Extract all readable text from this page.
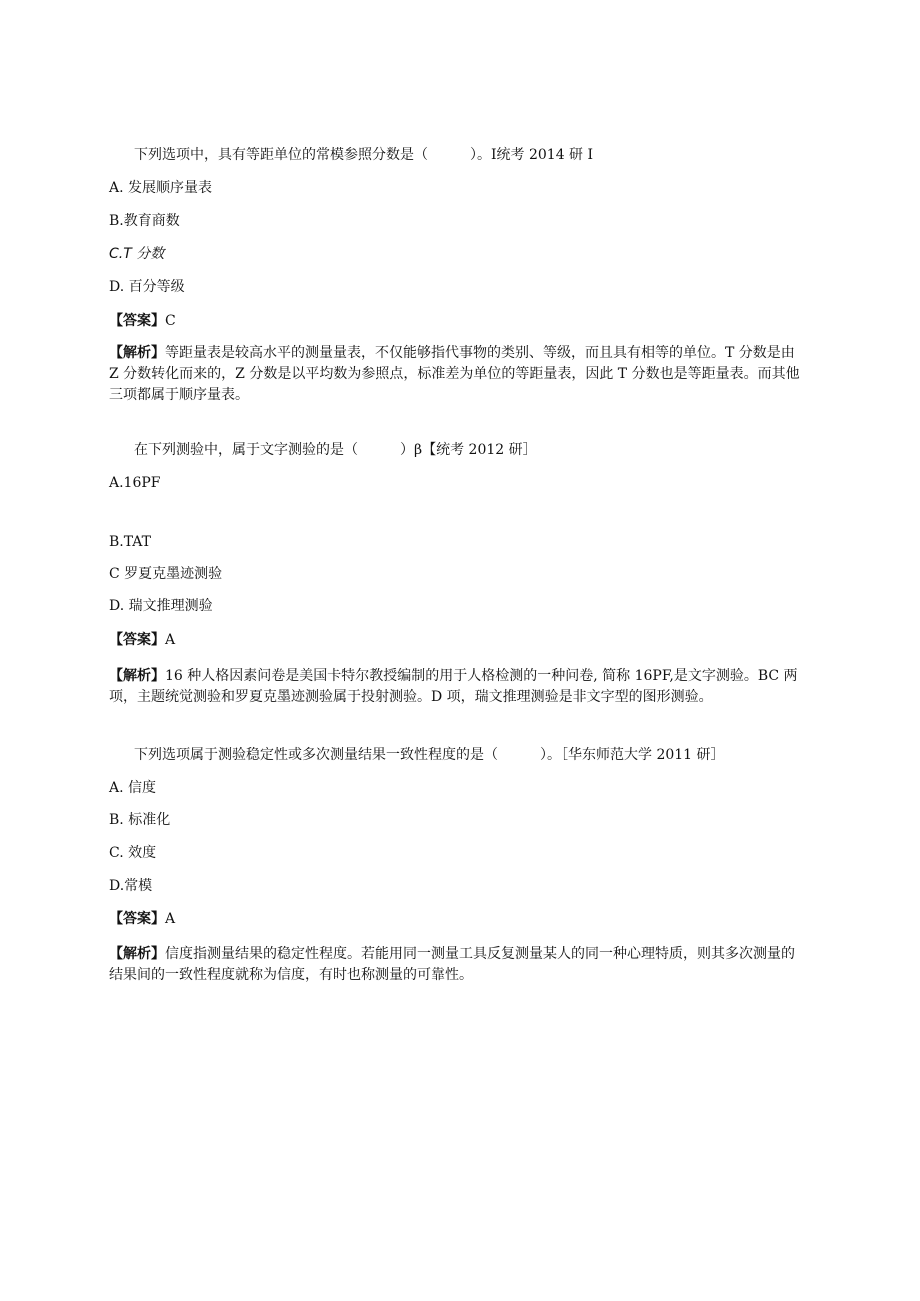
下列选项中，具有等距单位的常模参照分数是（　　　）。I统考 2014 研 I
A. 发展顺序量表
B.教育商数
C.T 分数
D. 百分等级
【答案】C
【解析】等距量表是较高水平的测量量表，不仅能够指代事物的类别、等级，而且具有相等的单位。T 分数是由 Z 分数转化而来的，Z 分数是以平均数为参照点，标准差为单位的等距量表，因此 T 分数也是等距量表。而其他三项都属于顺序量表。
在下列测验中，属于文字测验的是（　　　）β【统考 2012 研］
A.16PF
B.TAT
C 罗夏克墨迹测验
D. 瑞文推理测验
【答案】A
【解析】16 种人格因素问卷是美国卡特尔教授编制的用于人格检测的一种问卷, 简称 16PF,是文字测验。BC 两项，主题统觉测验和罗夏克墨迹测验属于投射测验。D 项，瑞文推理测验是非文字型的图形测验。
下列选项属于测验稳定性或多次测量结果一致性程度的是（　　　）。［华东师范大学 2011 研］
A. 信度
B. 标准化
C. 效度
D.常模
【答案】A
【解析】信度指测量结果的稳定性程度。若能用同一测量工具反复测量某人的同一种心理特质，则其多次测量的结果间的一致性程度就称为信度，有时也称测量的可靠性。
